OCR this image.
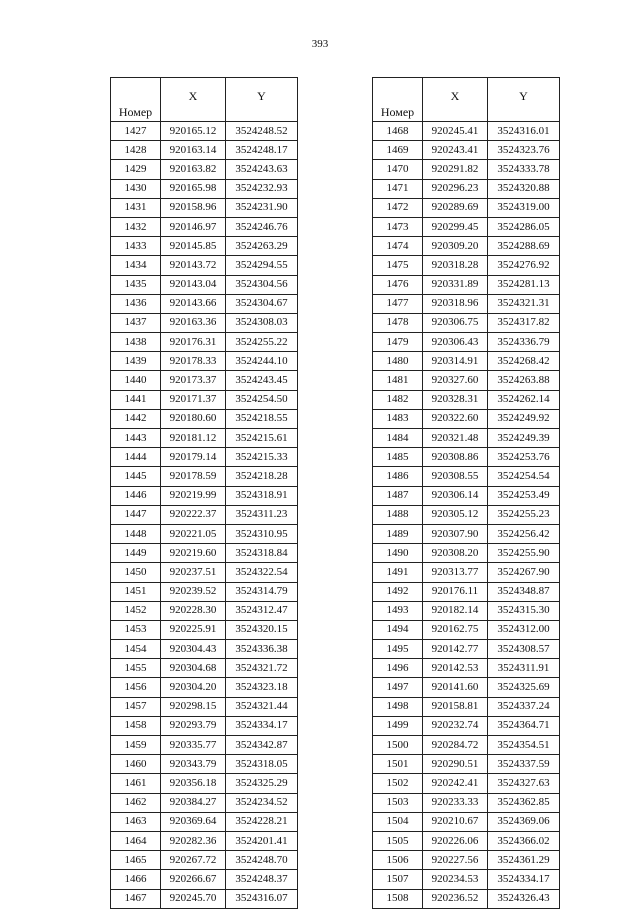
393
Номер	X	Y
1427	920165.12	3524248.52
1428	920163.14	3524248.17
1429	920163.82	3524243.63
1430	920165.98	3524232.93
1431	920158.96	3524231.90
1432	920146.97	3524246.76
1433	920145.85	3524263.29
1434	920143.72	3524294.55
1435	920143.04	3524304.56
1436	920143.66	3524304.67
1437	920163.36	3524308.03
1438	920176.31	3524255.22
1439	920178.33	3524244.10
1440	920173.37	3524243.45
1441	920171.37	3524254.50
1442	920180.60	3524218.55
1443	920181.12	3524215.61
1444	920179.14	3524215.33
1445	920178.59	3524218.28
1446	920219.99	3524318.91
1447	920222.37	3524311.23
1448	920221.05	3524310.95
1449	920219.60	3524318.84
1450	920237.51	3524322.54
1451	920239.52	3524314.79
1452	920228.30	3524312.47
1453	920225.91	3524320.15
1454	920304.43	3524336.38
1455	920304.68	3524321.72
1456	920304.20	3524323.18
1457	920298.15	3524321.44
1458	920293.79	3524334.17
1459	920335.77	3524342.87
1460	920343.79	3524318.05
1461	920356.18	3524325.29
1462	920384.27	3524234.52
1463	920369.64	3524228.21
1464	920282.36	3524201.41
1465	920267.72	3524248.70
1466	920266.67	3524248.37
1467	920245.70	3524316.07
Номер	X	Y
1468	920245.41	3524316.01
1469	920243.41	3524323.76
1470	920291.82	3524333.78
1471	920296.23	3524320.88
1472	920289.69	3524319.00
1473	920299.45	3524286.05
1474	920309.20	3524288.69
1475	920318.28	3524276.92
1476	920331.89	3524281.13
1477	920318.96	3524321.31
1478	920306.75	3524317.82
1479	920306.43	3524336.79
1480	920314.91	3524268.42
1481	920327.60	3524263.88
1482	920328.31	3524262.14
1483	920322.60	3524249.92
1484	920321.48	3524249.39
1485	920308.86	3524253.76
1486	920308.55	3524254.54
1487	920306.14	3524253.49
1488	920305.12	3524255.23
1489	920307.90	3524256.42
1490	920308.20	3524255.90
1491	920313.77	3524267.90
1492	920176.11	3524348.87
1493	920182.14	3524315.30
1494	920162.75	3524312.00
1495	920142.77	3524308.57
1496	920142.53	3524311.91
1497	920141.60	3524325.69
1498	920158.81	3524337.24
1499	920232.74	3524364.71
1500	920284.72	3524354.51
1501	920290.51	3524337.59
1502	920242.41	3524327.63
1503	920233.33	3524362.85
1504	920210.67	3524369.06
1505	920226.06	3524366.02
1506	920227.56	3524361.29
1507	920234.53	3524334.17
1508	920236.52	3524326.43
